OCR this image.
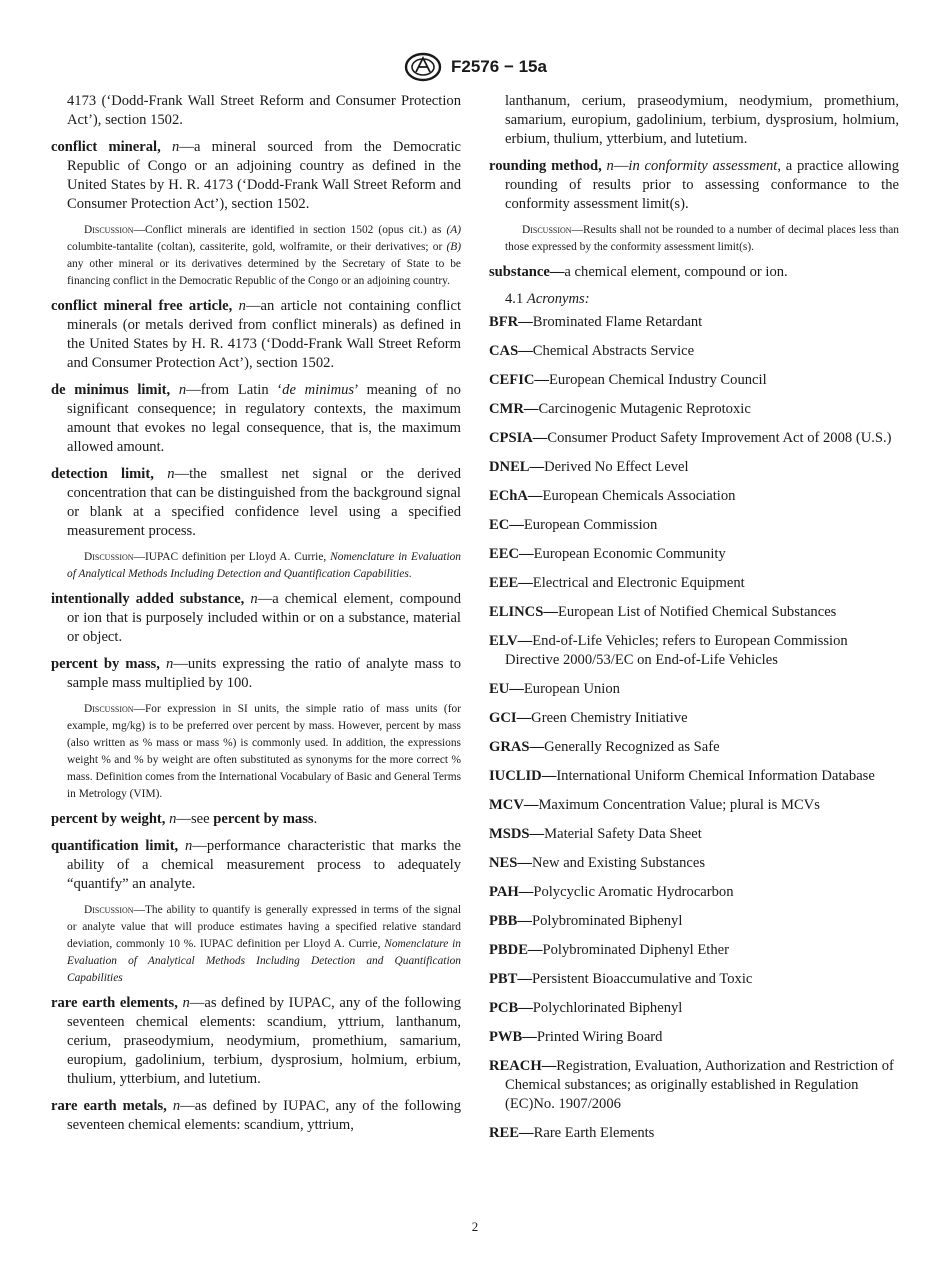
F2576 − 15a

4173 (‘Dodd-Frank Wall Street Reform and Consumer Protection Act’), section 1502.

conflict mineral, n—a mineral sourced from the Democratic Republic of Congo or an adjoining country as defined in the United States by H. R. 4173 (‘Dodd-Frank Wall Street Reform and Consumer Protection Act’), section 1502.

Discussion—Conflict minerals are identified in section 1502 (opus cit.) as (A) columbite-tantalite (coltan), cassiterite, gold, wolframite, or their derivatives; or (B) any other mineral or its derivatives determined by the Secretary of State to be financing conflict in the Democratic Republic of the Congo or an adjoining country.

conflict mineral free article, n—an article not containing conflict minerals (or metals derived from conflict minerals) as defined in the United States by H. R. 4173 (‘Dodd-Frank Wall Street Reform and Consumer Protection Act’), section 1502.

de minimus limit, n—from Latin ‘de minimus’ meaning of no significant consequence; in regulatory contexts, the maximum amount that evokes no legal consequence, that is, the maximum allowed amount.

detection limit, n—the smallest net signal or the derived concentration that can be distinguished from the background signal or blank at a specified confidence level using a specified measurement process.

Discussion—IUPAC definition per Lloyd A. Currie, Nomenclature in Evaluation of Analytical Methods Including Detection and Quantification Capabilities.

intentionally added substance, n—a chemical element, compound or ion that is purposely included within or on a substance, material or object.

percent by mass, n—units expressing the ratio of analyte mass to sample mass multiplied by 100.

Discussion—For expression in SI units, the simple ratio of mass units (for example, mg/kg) is to be preferred over percent by mass. However, percent by mass (also written as % mass or mass %) is commonly used. In addition, the expressions weight % and % by weight are often substituted as synonyms for the more correct % mass. Definition comes from the International Vocabulary of Basic and General Terms in Metrology (VIM).

percent by weight, n—see percent by mass.

quantification limit, n—performance characteristic that marks the ability of a chemical measurement process to adequately “quantify” an analyte.

Discussion—The ability to quantify is generally expressed in terms of the signal or analyte value that will produce estimates having a specified relative standard deviation, commonly 10 %. IUPAC definition per Lloyd A. Currie, Nomenclature in Evaluation of Analytical Methods Including Detection and Quantification Capabilities

rare earth elements, n—as defined by IUPAC, any of the following seventeen chemical elements: scandium, yttrium, lanthanum, cerium, praseodymium, neodymium, promethium, samarium, europium, gadolinium, terbium, dysprosium, holmium, erbium, thulium, ytterbium, and lutetium.

rare earth metals, n—as defined by IUPAC, any of the following seventeen chemical elements: scandium, yttrium,

lanthanum, cerium, praseodymium, neodymium, promethium, samarium, europium, gadolinium, terbium, dysprosium, holmium, erbium, thulium, ytterbium, and lutetium.

rounding method, n—in conformity assessment, a practice allowing rounding of results prior to assessing conformance to the conformity assessment limit(s).

Discussion—Results shall not be rounded to a number of decimal places less than those expressed by the conformity assessment limit(s).

substance—a chemical element, compound or ion.

4.1 Acronyms:

BFR—Brominated Flame Retardant

CAS—Chemical Abstracts Service

CEFIC—European Chemical Industry Council

CMR—Carcinogenic Mutagenic Reprotoxic

CPSIA—Consumer Product Safety Improvement Act of 2008 (U.S.)

DNEL—Derived No Effect Level

EChA—European Chemicals Association

EC—European Commission

EEC—European Economic Community

EEE—Electrical and Electronic Equipment

ELINCS—European List of Notified Chemical Substances

ELV—End-of-Life Vehicles; refers to European Commission Directive 2000/53/EC on End-of-Life Vehicles

EU—European Union

GCI—Green Chemistry Initiative

GRAS—Generally Recognized as Safe

IUCLID—International Uniform Chemical Information Database

MCV—Maximum Concentration Value; plural is MCVs

MSDS—Material Safety Data Sheet

NES—New and Existing Substances

PAH—Polycyclic Aromatic Hydrocarbon

PBB—Polybrominated Biphenyl

PBDE—Polybrominated Diphenyl Ether

PBT—Persistent Bioaccumulative and Toxic

PCB—Polychlorinated Biphenyl

PWB—Printed Wiring Board

REACH—Registration, Evaluation, Authorization and Restriction of Chemical substances; as originally established in Regulation (EC)No. 1907/2006

REE—Rare Earth Elements

2
